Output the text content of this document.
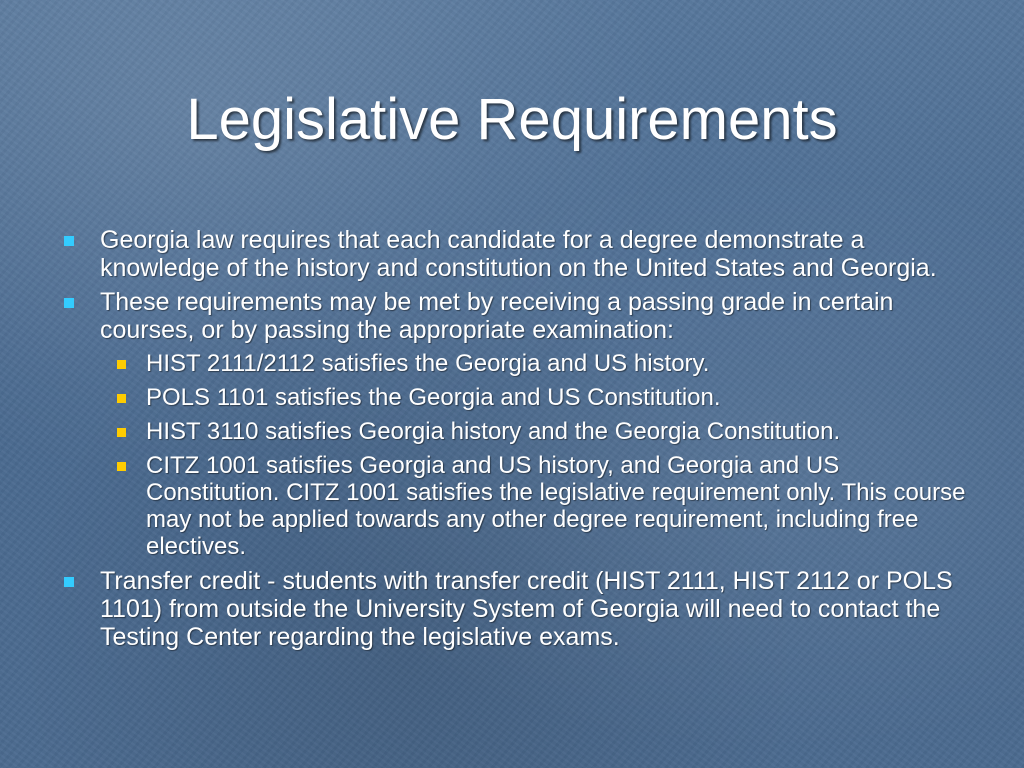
Legislative Requirements
Georgia law requires that each candidate for a degree demonstrate a knowledge of the history and constitution on the United States and Georgia.
These requirements may be met by receiving a passing grade in certain courses, or by passing the appropriate examination:
HIST 2111/2112 satisfies the Georgia and US history.
POLS 1101 satisfies the Georgia and US Constitution.
HIST 3110 satisfies Georgia history and the Georgia Constitution.
CITZ 1001 satisfies Georgia and US history, and Georgia and US Constitution. CITZ 1001 satisfies the legislative requirement only. This course may not be applied towards any other degree requirement, including free electives.
Transfer credit - students with transfer credit (HIST 2111, HIST 2112 or POLS 1101) from outside the University System of Georgia will need to contact the Testing Center regarding the legislative exams.
